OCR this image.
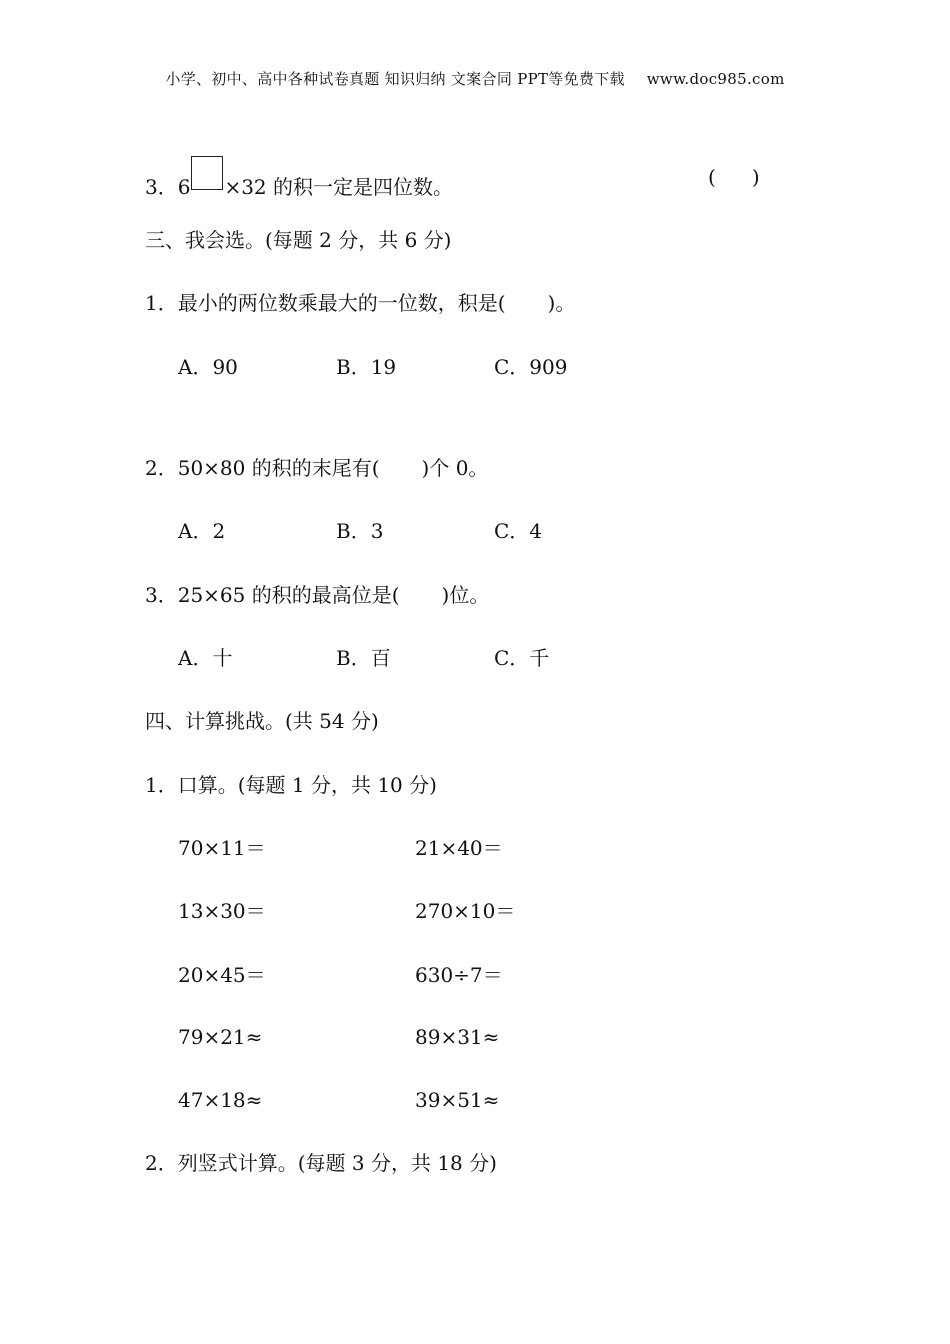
小学、初中、高中各种试卷真题 知识归纳 文案合同 PPT等免费下载 www.doc985.com
3．6 ×32 的积一定是四位数。	( )
三、我会选。(每题 2 分，共 6 分)
1．最小的两位数乘最大的一位数，积是( )。
A．90	B．19	C．909
2．50×80 的积的末尾有( )个 0。
A．2	B．3	C．4
3．25×65 的积的最高位是( )位。
A．十	B．百	C．千
四、计算挑战。(共 54 分)
1．口算。(每题 1 分，共 10 分)
70×11＝	21×40＝
13×30＝	270×10＝
20×45＝	630÷7＝
79×21≈	89×31≈
47×18≈	39×51≈
2．列竖式计算。(每题 3 分，共 18 分)
